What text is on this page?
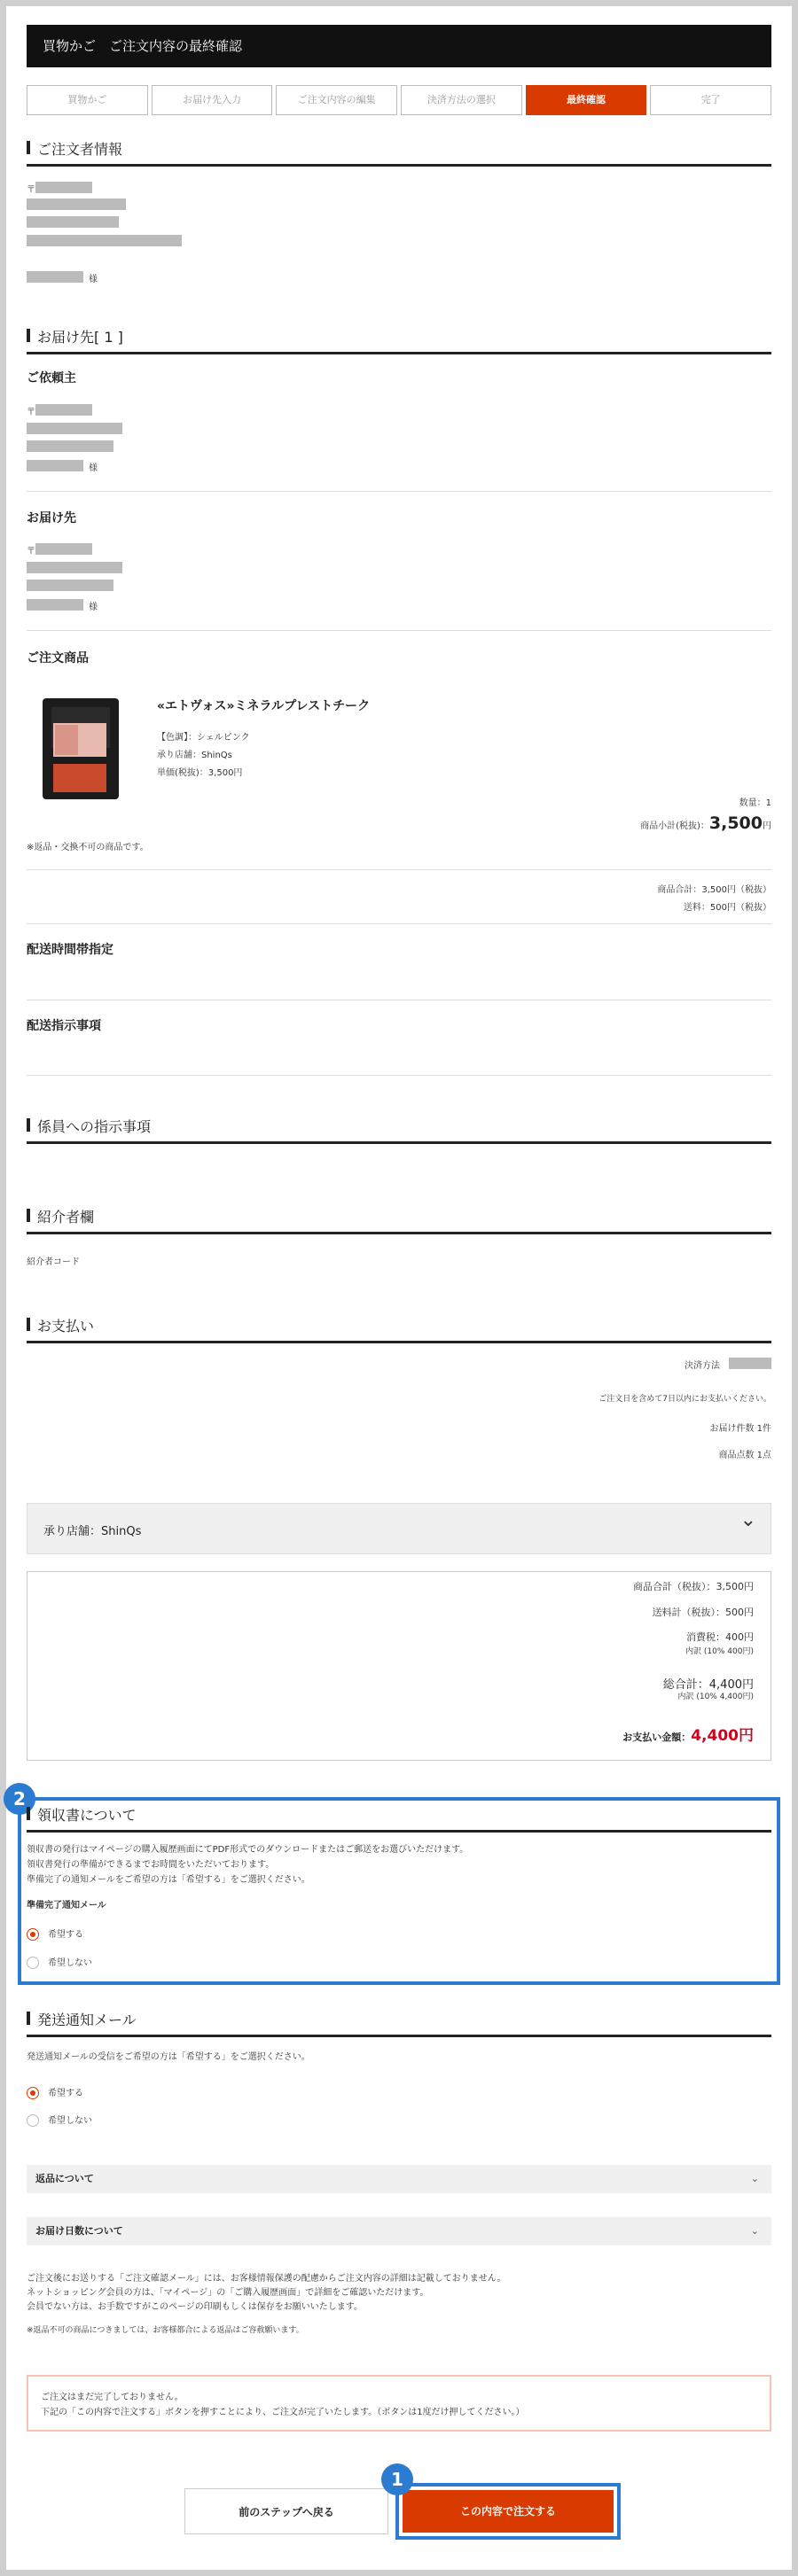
買物かご　ご注文内容の最終確認
買物かご	お届け先入力	ご注文内容の編集	決済方法の選択	最終確認	完了
ご注文者情報
〒
様
お届け先[ 1 ]
ご依頼主
〒
様
お届け先
〒
様
ご注文商品
«エトヴォス»ミネラルプレストチーク
【色調】：シェルピンク
承り店舗：ShinQs
単価(税抜)：3,500円
数量：1
商品小計(税抜)：3,500円
※返品・交換不可の商品です。
商品合計：3,500円（税抜）
送料：500円（税抜）
配送時間帯指定
配送指示事項
係員への指示事項
紹介者欄
紹介者コード
お支払い
決済方法
ご注文日を含めて7日以内にお支払いください。
お届け件数 1件
商品点数 1点
承り店舗：ShinQs
⌄
商品合計（税抜）：3,500円
送料計（税抜）：500円
消費税：400円
内訳 (10% 400円)
総合計：4,400円
内訳 (10% 4,400円)
お支払い金額：4,400円
2
領収書について
領収書の発行はマイページの購入履歴画面にてPDF形式でのダウンロードまたはご郵送をお選びいただけます。
領収書発行の準備ができるまでお時間をいただいております。
準備完了の通知メールをご希望の方は「希望する」をご選択ください。
準備完了通知メール
希望する
希望しない
発送通知メール
発送通知メールの受信をご希望の方は「希望する」をご選択ください。
希望する
希望しない
返品について	⌄
お届け日数について	⌄
ご注文後にお送りする「ご注文確認メール」には、お客様情報保護の配慮からご注文内容の詳細は記載しておりません。
ネットショッピング会員の方は、「マイページ」の「ご購入履歴画面」で詳細をご確認いただけます。
会員でない方は、お手数ですがこのページの印刷もしくは保存をお願いいたします。
※返品不可の商品につきましては、お客様都合による返品はご容赦願います。
ご注文はまだ完了しておりません。
下記の「この内容で注文する」ボタンを押すことにより、ご注文が完了いたします。（ボタンは1度だけ押してください。）
前のステップへ戻る	この内容で注文する
1
